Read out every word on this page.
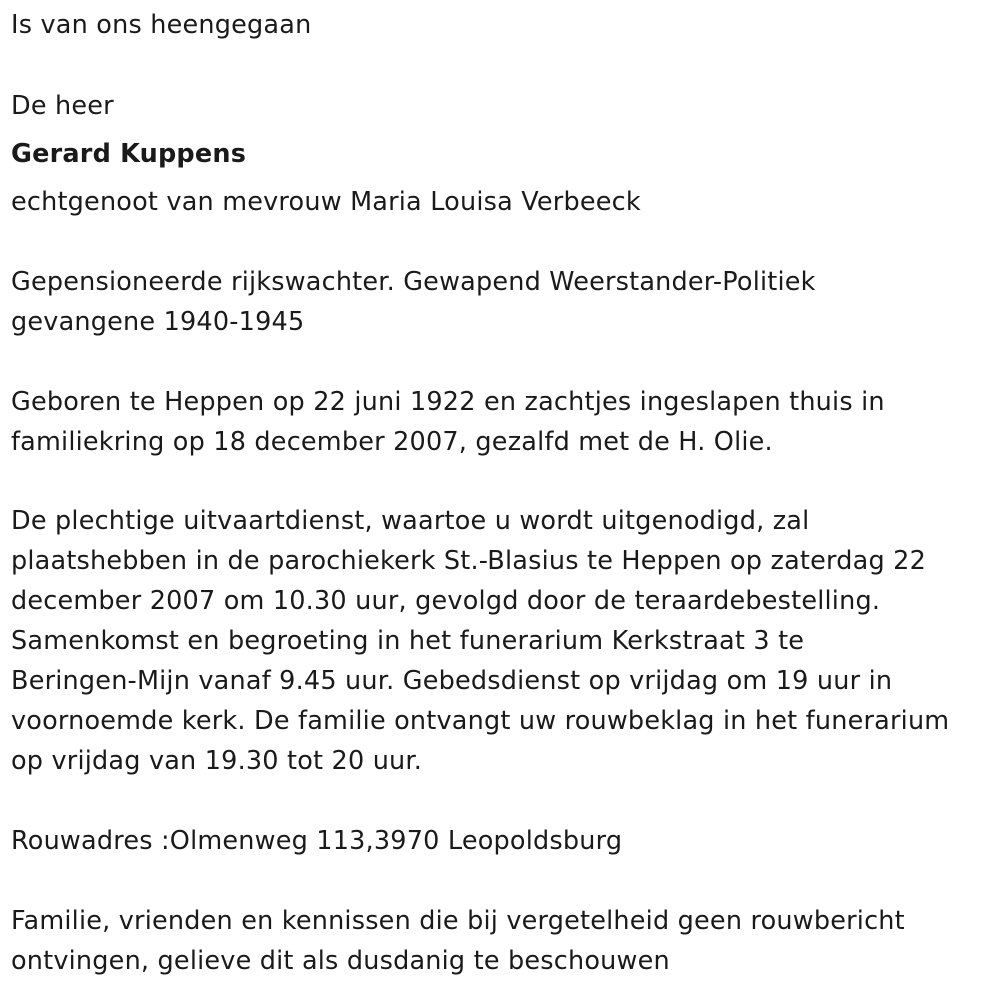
Is van ons heengegaan
De heer
Gerard Kuppens
echtgenoot van mevrouw Maria Louisa Verbeeck
Gepensioneerde rijkswachter. Gewapend Weerstander-Politiek
gevangene 1940-1945
Geboren te Heppen op 22 juni 1922 en zachtjes ingeslapen thuis in
familiekring op 18 december 2007, gezalfd met de H. Olie.
De plechtige uitvaartdienst, waartoe u wordt uitgenodigd, zal
plaatshebben in de parochiekerk St.-Blasius te Heppen op zaterdag 22
december 2007 om 10.30 uur, gevolgd door de teraardebestelling.
Samenkomst en begroeting in het funerarium Kerkstraat 3 te
Beringen-Mijn vanaf 9.45 uur. Gebedsdienst op vrijdag om 19 uur in
voornoemde kerk. De familie ontvangt uw rouwbeklag in het funerarium
op vrijdag van 19.30 tot 20 uur.
Rouwadres :Olmenweg 113,3970 Leopoldsburg
Familie, vrienden en kennissen die bij vergetelheid geen rouwbericht
ontvingen, gelieve dit als dusdanig te beschouwen
